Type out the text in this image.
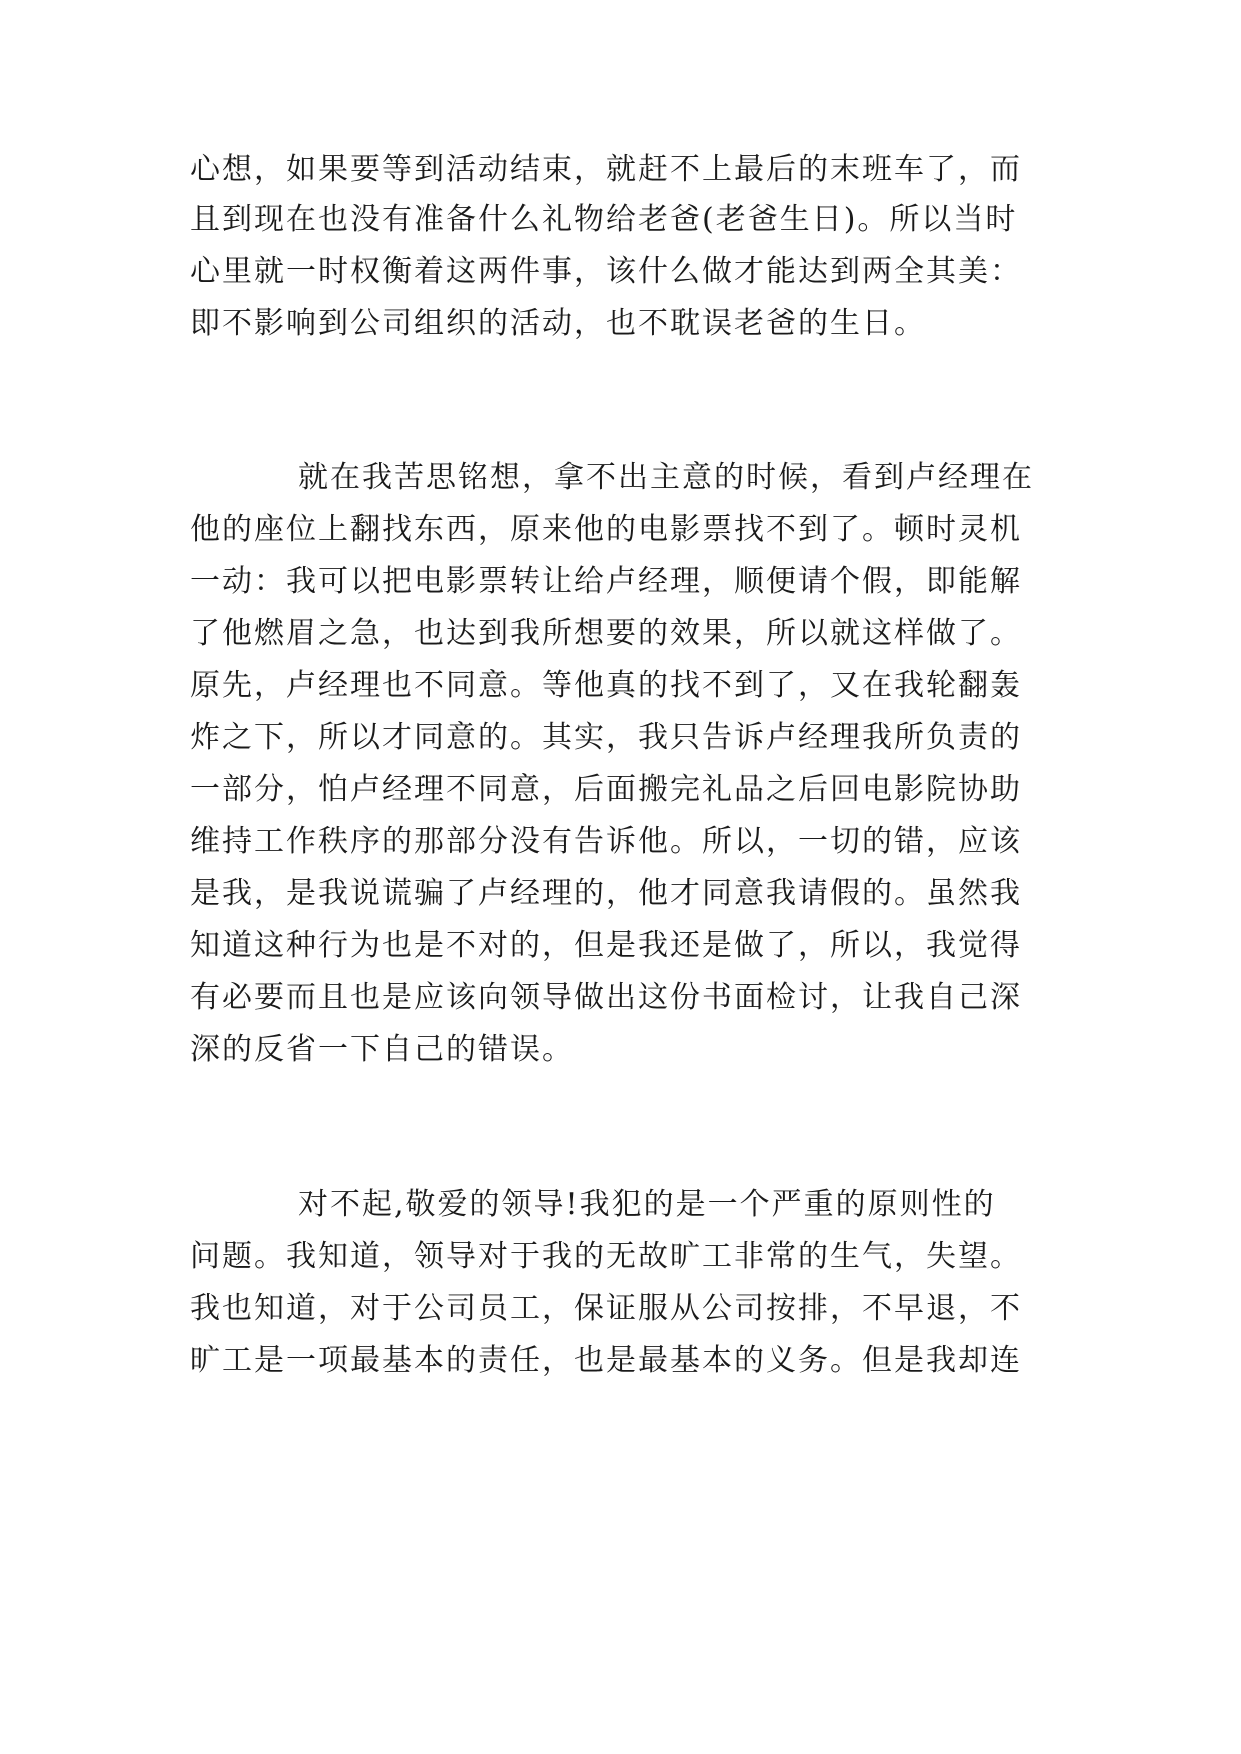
心想，如果要等到活动结束，就赶不上最后的末班车了，而
且到现在也没有准备什么礼物给老爸(老爸生日)。所以当时
心里就一时权衡着这两件事，该什么做才能达到两全其美：
即不影响到公司组织的活动，也不耽误老爸的生日。
就在我苦思铭想，拿不出主意的时候，看到卢经理在
他的座位上翻找东西，原来他的电影票找不到了。顿时灵机
一动：我可以把电影票转让给卢经理，顺便请个假，即能解
了他燃眉之急，也达到我所想要的效果，所以就这样做了。
原先，卢经理也不同意。等他真的找不到了，又在我轮翻轰
炸之下，所以才同意的。其实，我只告诉卢经理我所负责的
一部分，怕卢经理不同意，后面搬完礼品之后回电影院协助
维持工作秩序的那部分没有告诉他。所以，一切的错，应该
是我，是我说谎骗了卢经理的，他才同意我请假的。虽然我
知道这种行为也是不对的，但是我还是做了，所以，我觉得
有必要而且也是应该向领导做出这份书面检讨，让我自己深
深的反省一下自己的错误。
对不起,敬爱的领导!我犯的是一个严重的原则性的
问题。我知道，领导对于我的无故旷工非常的生气，失望。
我也知道，对于公司员工，保证服从公司按排，不早退，不
旷工是一项最基本的责任，也是最基本的义务。但是我却连
